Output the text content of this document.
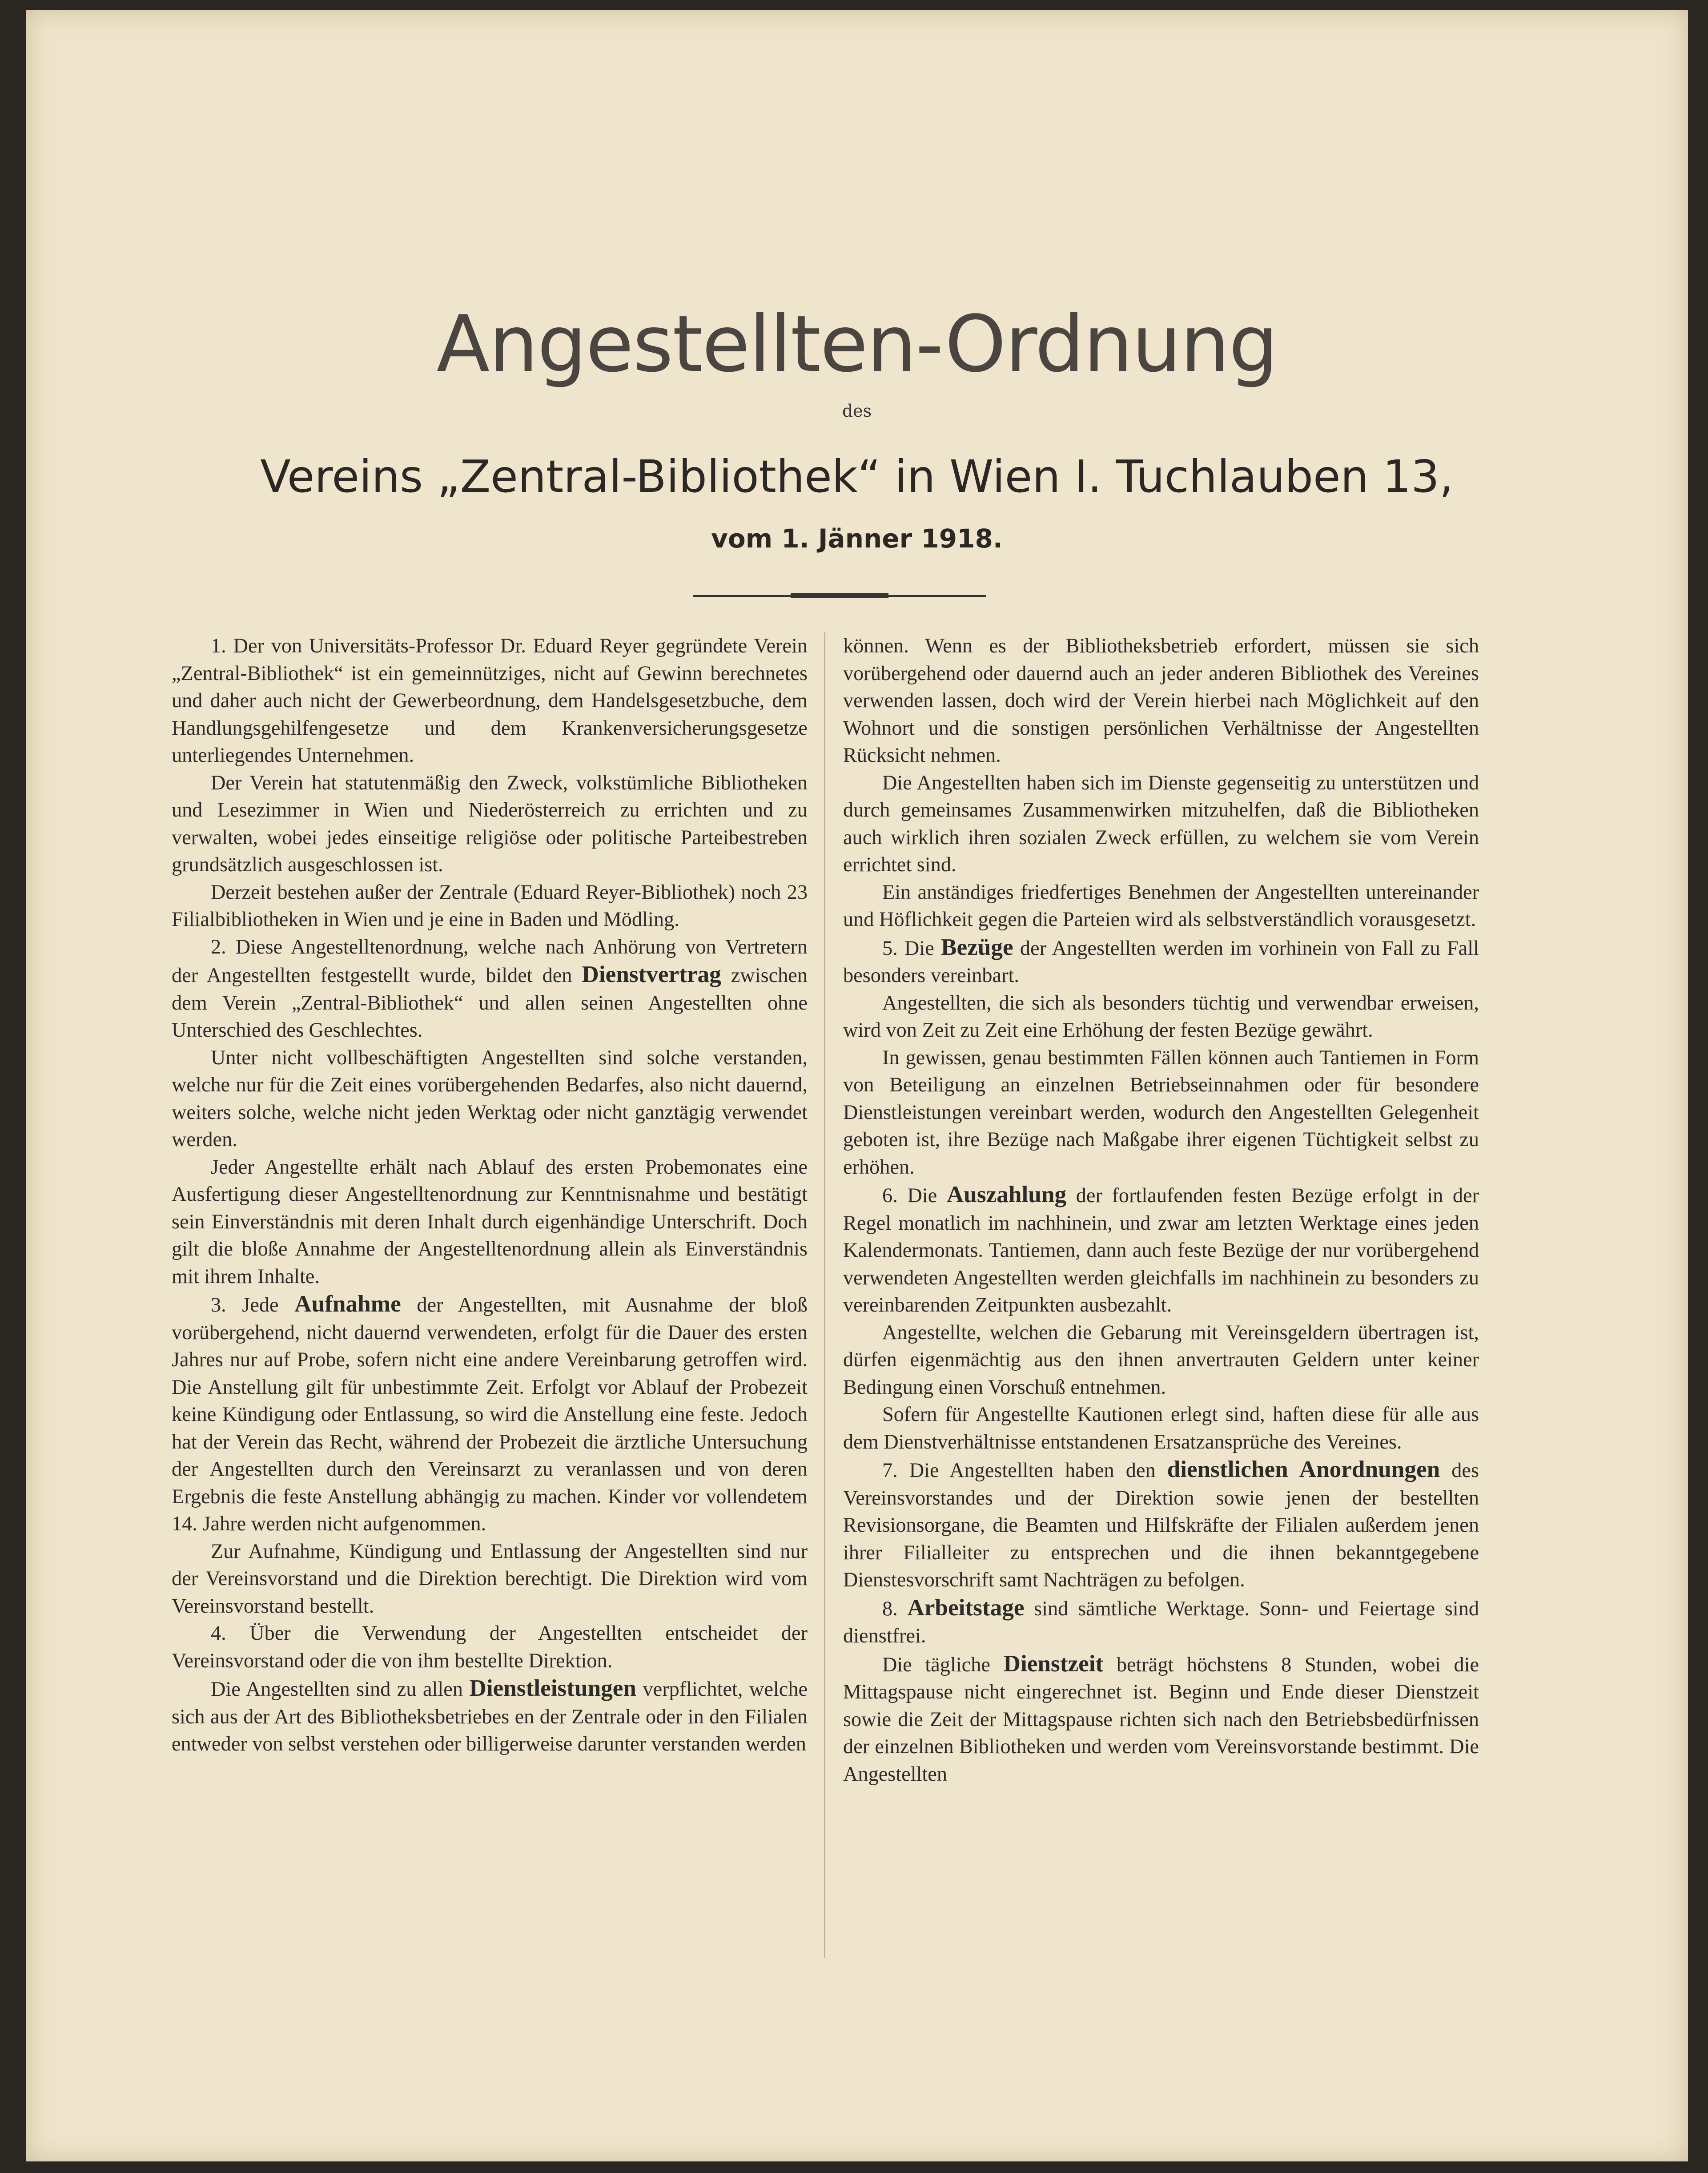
Angestellten-Ordnung
des
Vereins „Zentral-Bibliothek“ in Wien I. Tuchlauben 13,
vom 1. Jänner 1918.

1. Der von Universitäts-Professor Dr. Eduard Reyer gegründete Verein „Zentral-Bibliothek“ ist ein gemeinnütziges, nicht auf Gewinn berechnetes und daher auch nicht der Gewerbeordnung, dem Handelsgesetzbuche, dem Handlungsgehilfengesetze und dem Krankenversicherungsgesetze unterliegendes Unternehmen.

Der Verein hat statutenmäßig den Zweck, volkstümliche Bibliotheken und Lesezimmer in Wien und Niederösterreich zu errichten und zu verwalten, wobei jedes einseitige religiöse oder politische Parteibestreben grundsätzlich ausgeschlossen ist.

Derzeit bestehen außer der Zentrale (Eduard Reyer-Bibliothek) noch 23 Filialbibliotheken in Wien und je eine in Baden und Mödling.

2. Diese Angestelltenordnung, welche nach Anhörung von Vertretern der Angestellten festgestellt wurde, bildet den Dienstvertrag zwischen dem Verein „Zentral-Bibliothek“ und allen seinen Angestellten ohne Unterschied des Geschlechtes.

Unter nicht vollbeschäftigten Angestellten sind solche verstanden, welche nur für die Zeit eines vorübergehenden Bedarfes, also nicht dauernd, weiters solche, welche nicht jeden Werktag oder nicht ganztägig verwendet werden.

Jeder Angestellte erhält nach Ablauf des ersten Probemonates eine Ausfertigung dieser Angestelltenordnung zur Kenntnisnahme und bestätigt sein Einverständnis mit deren Inhalt durch eigenhändige Unterschrift. Doch gilt die bloße Annahme der Angestelltenordnung allein als Einverständnis mit ihrem Inhalte.

3. Jede Aufnahme der Angestellten, mit Ausnahme der bloß vorübergehend, nicht dauernd verwendeten, erfolgt für die Dauer des ersten Jahres nur auf Probe, sofern nicht eine andere Vereinbarung getroffen wird. Die Anstellung gilt für unbestimmte Zeit. Erfolgt vor Ablauf der Probezeit keine Kündigung oder Entlassung, so wird die Anstellung eine feste. Jedoch hat der Verein das Recht, während der Probezeit die ärztliche Untersuchung der Angestellten durch den Vereinsarzt zu veranlassen und von deren Ergebnis die feste Anstellung abhängig zu machen. Kinder vor vollendetem 14. Jahre werden nicht aufgenommen.

Zur Aufnahme, Kündigung und Entlassung der Angestellten sind nur der Vereinsvorstand und die Direktion berechtigt. Die Direktion wird vom Vereinsvorstand bestellt.

4. Über die Verwendung der Angestellten entscheidet der Vereinsvorstand oder die von ihm bestellte Direktion.

Die Angestellten sind zu allen Dienstleistungen verpflichtet, welche sich aus der Art des Bibliotheksbetriebes en der Zentrale oder in den Filialen entweder von selbst verstehen oder billigerweise darunter verstanden werden

können. Wenn es der Bibliotheksbetrieb erfordert, müssen sie sich vorübergehend oder dauernd auch an jeder anderen Bibliothek des Vereines verwenden lassen, doch wird der Verein hierbei nach Möglichkeit auf den Wohnort und die sonstigen persönlichen Verhältnisse der Angestellten Rücksicht nehmen.

Die Angestellten haben sich im Dienste gegenseitig zu unterstützen und durch gemeinsames Zusammenwirken mitzuhelfen, daß die Bibliotheken auch wirklich ihren sozialen Zweck erfüllen, zu welchem sie vom Verein errichtet sind.

Ein anständiges friedfertiges Benehmen der Angestellten untereinander und Höflichkeit gegen die Parteien wird als selbstverständlich vorausgesetzt.

5. Die Bezüge der Angestellten werden im vorhinein von Fall zu Fall besonders vereinbart.

Angestellten, die sich als besonders tüchtig und verwendbar erweisen, wird von Zeit zu Zeit eine Erhöhung der festen Bezüge gewährt.

In gewissen, genau bestimmten Fällen können auch Tantiemen in Form von Beteiligung an einzelnen Betriebseinnahmen oder für besondere Dienstleistungen vereinbart werden, wodurch den Angestellten Gelegenheit geboten ist, ihre Bezüge nach Maßgabe ihrer eigenen Tüchtigkeit selbst zu erhöhen.

6. Die Auszahlung der fortlaufenden festen Bezüge erfolgt in der Regel monatlich im nachhinein, und zwar am letzten Werktage eines jeden Kalendermonats. Tantiemen, dann auch feste Bezüge der nur vorübergehend verwendeten Angestellten werden gleichfalls im nachhinein zu besonders zu vereinbarenden Zeitpunkten ausbezahlt.

Angestellte, welchen die Gebarung mit Vereinsgeldern übertragen ist, dürfen eigenmächtig aus den ihnen anvertrauten Geldern unter keiner Bedingung einen Vorschuß entnehmen.

Sofern für Angestellte Kautionen erlegt sind, haften diese für alle aus dem Dienstverhältnisse entstandenen Ersatzansprüche des Vereines.

7. Die Angestellten haben den dienstlichen Anordnungen des Vereinsvorstandes und der Direktion sowie jenen der bestellten Revisionsorgane, die Beamten und Hilfskräfte der Filialen außerdem jenen ihrer Filialleiter zu entsprechen und die ihnen bekanntgegebene Dienstesvorschrift samt Nachträgen zu befolgen.

8. Arbeitstage sind sämtliche Werktage. Sonn- und Feiertage sind dienstfrei.

Die tägliche Dienstzeit beträgt höchstens 8 Stunden, wobei die Mittagspause nicht eingerechnet ist. Beginn und Ende dieser Dienstzeit sowie die Zeit der Mittagspause richten sich nach den Betriebsbedürfnissen der einzelnen Bibliotheken und werden vom Vereinsvorstande bestimmt. Die Angestellten
